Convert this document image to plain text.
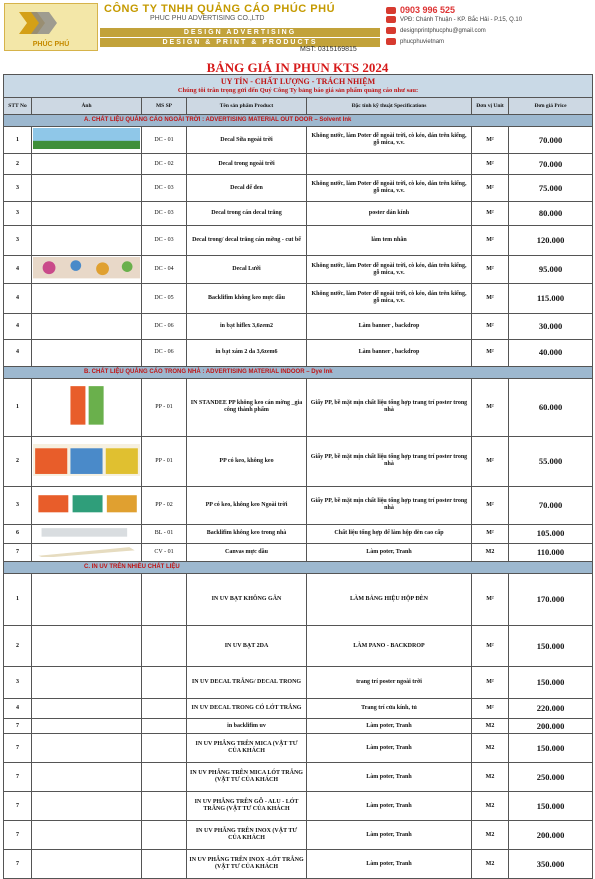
PHÚC PHÚ
CÔNG TY TNHH QUẢNG CÁO PHÚC PHÚ
PHUC PHU ADVERTISING CO.,LTD
DESIGN ADVERTISING
DESIGN & PRINT & PRODUCTS
MST: 0315169815
0903 996 525
VPĐ: Chánh Thuận - KP. Bắc Hải - P.15, Q.10
designprintphucphu@gmail.com
phucphuvietnam
BẢNG GIÁ IN PHUN KTS 2024
UY TÍN - CHẤT LƯỢNG - TRÁCH NHIỆM
Chúng tôi trân trọng gửi đến Quý Công Ty bảng báo giá sản phẩm quảng cáo như sau:						

STT No	Ảnh	MS SP	Tên sản phẩm Product	Đặc tính kỹ thuật Specifications	Đơn vị Unit	Đơn giá Price
A. CHẤT LIỆU QUẢNG CÁO NGOÀI TRỜI : ADVERTISING MATERIAL OUT DOOR – Solvent Ink						
1		DC - 01	Decal Sữa ngoài trời	Không nước, làm Poter dễ ngoài trời, cò kéo, dán trên kiếng, gỗ mica, v.v.	M²	70.000
2		DC - 02	Decal trong ngoài trời		M²	70.000
3		DC - 03	Decal đế đen	Không nước, làm Poter dễ ngoài trời, cò kéo, dán trên kiếng, gỗ mica, v.v.	M²	75.000
3		DC - 03	Decal trong cán decal trắng	poster dán kính	M²	80.000
3		DC - 03	Decal trong/ decal trắng cán mờng - cut bế	làm tem nhãn	M²	120.000
4		DC - 04	Decal Lưới	Không nước, làm Poter dễ ngoài trời, cò kéo, dán trên kiếng, gỗ mica, v.v.	M²	95.000
4		DC - 05	Backlifim không keo mực dầu	Không nước, làm Poter dễ ngoài trời, cò kéo, dán trên kiếng, gỗ mica, v.v.	M²	115.000
4		DC - 06	in bạt hiflex 3,6zem2	Làm banner , backdrop	M²	30.000
4		DC - 06	in bạt xám 2 da 3,6zem6	Làm banner , backdrop	M²	40.000
B. CHẤT LIỆU QUẢNG CÁO TRONG NHÀ : ADVERTISING MATERIAL INDOOR – Dye Ink						
1		PP - 01	IN STANDEE PP không keo cán mờng _gia công thành phẩm	Giấy PP, bề mặt mịn chất liệu tổng hợp trang trí poster trong nhà	M²	60.000
2		PP - 01	PP có keo, không keo	Giấy PP, bề mặt mịn chất liệu tổng hợp trang trí poster trong nhà	M²	55.000
3		PP - 02	PP có keo, không keo Ngoài trời	Giấy PP, bề mặt mịn chất liệu tổng hợp trang trí poster trong nhà	M²	70.000
6		BL - 01	Backlifim không keo trong nhà	Chất liệu tổng hợp để làm hộp đèn cao cấp	M²	105.000
7		CV - 01	Canvas mực dầu	Làm poter, Tranh	M2	110.000
C. IN UV TRÊN NHIỀU CHẤT LIỆU						
1			IN UV BẠT KHÔNG GÂN	LÀM BẢNG HIỆU HỘP ĐÈN	M²	170.000
2			IN UV BẠT 2DA	LÀM PANO - BACKDROP	M²	150.000
3			IN UV DECAL TRẮNG/ DECAL TRONG	trang trí poster ngoài trời	M²	150.000
4			IN UV DECAL TRONG CÓ LÓT TRẮNG	Trang trí cửa kính, tủ	M²	220.000
7			in backlifim uv	Làm poter, Tranh	M2	200.000
7			IN UV PHẲNG TRÊN MICA (VẬT TƯ CỦA KHÁCH	Làm poter, Tranh	M2	150.000
7			IN UV PHẲNG TRÊN MICA LÓT TRẮNG (VẬT TƯ CỦA KHÁCH	Làm poter, Tranh	M2	250.000
7			IN UV PHẲNG TRÊN GỖ - ALU - LÓT TRẮNG (VẬT TƯ CỦA KHÁCH	Làm poter, Tranh	M2	150.000
7			IN UV PHẲNG TRÊN INOX (VẬT TƯ CỦA KHÁCH	Làm poter, Tranh	M2	200.000
7			IN UV PHẲNG TRÊN INOX -LÓT TRẮNG (VẬT TƯ CỦA KHÁCH	Làm poter, Tranh	M2	350.000
